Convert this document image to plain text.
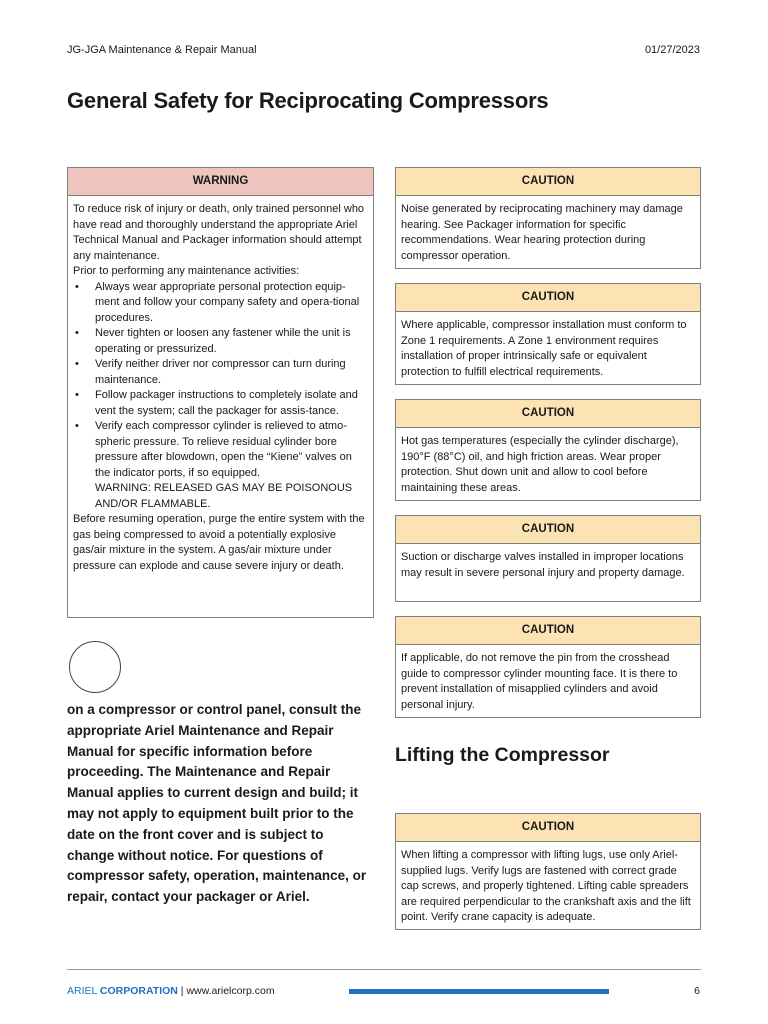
JG-JGA Maintenance & Repair Manual	01/27/2023
General Safety for Reciprocating Compressors
WARNING
To reduce risk of injury or death, only trained personnel who have read and thoroughly understand the appropriate Ariel Technical Manual and Packager information should attempt any maintenance.
Prior to performing any maintenance activities:
• Always wear appropriate personal protection equip-ment and follow your company safety and opera-tional procedures.
• Never tighten or loosen any fastener while the unit is operating or pressurized.
• Verify neither driver nor compressor can turn during maintenance.
• Follow packager instructions to completely isolate and vent the system; call the packager for assis-tance.
• Verify each compressor cylinder is relieved to atmo-spheric pressure. To relieve residual cylinder bore pressure after blowdown, open the “Kiene” valves on the indicator ports, if so equipped.
WARNING: RELEASED GAS MAY BE POISONOUS AND/OR FLAMMABLE.
Before resuming operation, purge the entire system with the gas being compressed to avoid a potentially explosive gas/air mixture in the system. A gas/air mixture under pressure can explode and cause severe injury or death.
CAUTION
Noise generated by reciprocating machinery may damage hearing. See Packager information for specific recommendations. Wear hearing protection during compressor operation.
CAUTION
Where applicable, compressor installation must conform to Zone 1 requirements. A Zone 1 environment requires installation of proper intrinsically safe or equivalent protection to fulfill electrical requirements.
CAUTION
Hot gas temperatures (especially the cylinder discharge), 190°F (88°C) oil, and high friction areas. Wear proper protection. Shut down unit and allow to cool before maintaining these areas.
CAUTION
Suction or discharge valves installed in improper locations may result in severe personal injury and property damage.
CAUTION
If applicable, do not remove the pin from the crosshead guide to compressor cylinder mounting face. It is there to prevent installation of misapplied cylinders and avoid personal injury.
on a compressor or control panel, consult the appropriate Ariel Maintenance and Repair Manual for specific information before proceeding. The Maintenance and Repair Manual applies to current design and build; it may not apply to equipment built prior to the date on the front cover and is subject to change without notice. For questions of compressor safety, operation, maintenance, or repair, contact your packager or Ariel.
Lifting the Compressor
CAUTION
When lifting a compressor with lifting lugs, use only Ariel-supplied lugs. Verify lugs are fastened with correct grade cap screws, and properly tightened. Lifting cable spreaders are required perpendicular to the crankshaft axis and the lift point. Verify crane capacity is adequate.
ARIEL CORPORATION | www.arielcorp.com	6
